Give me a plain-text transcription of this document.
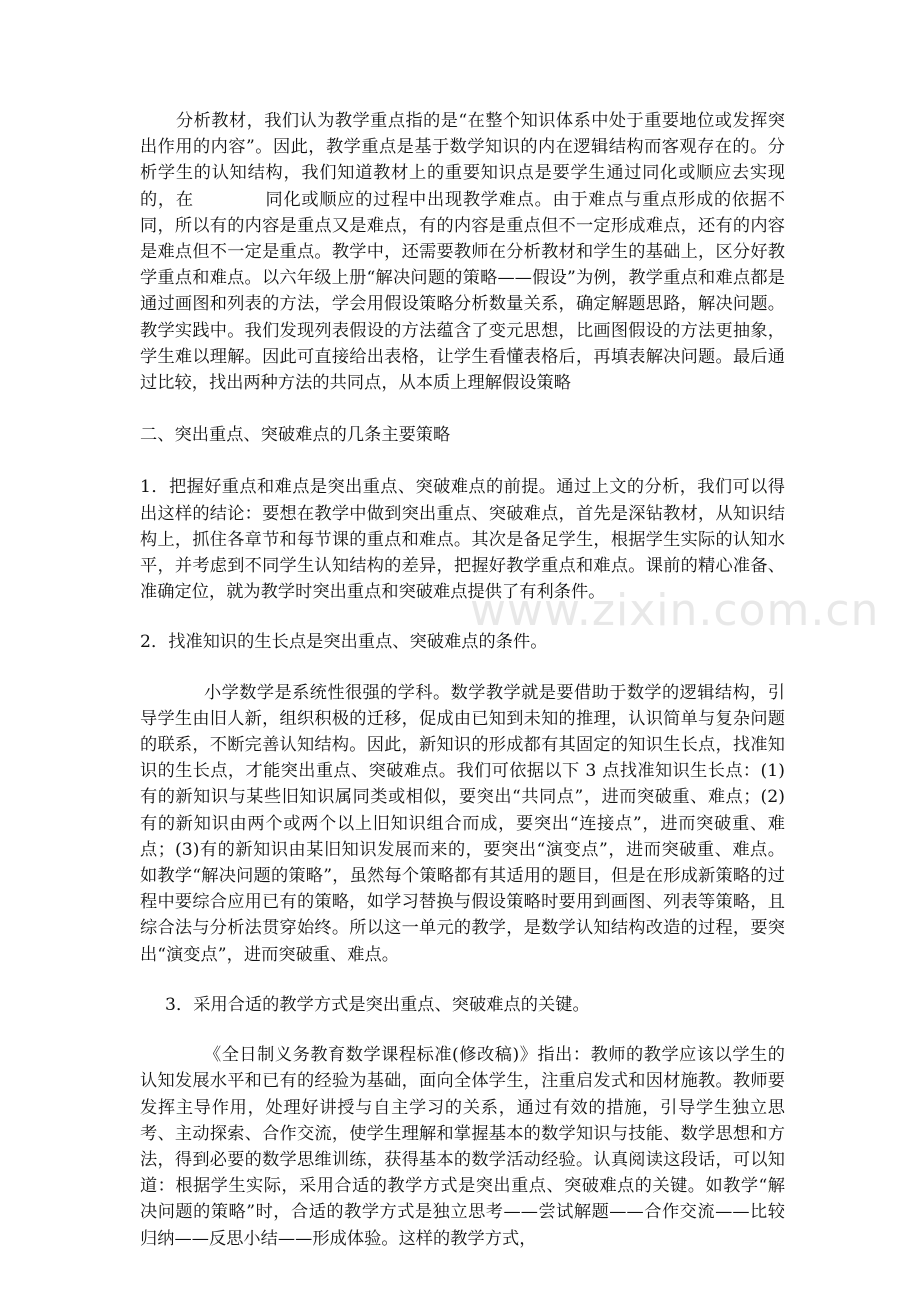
www.zixin.com.cn

分析教材，我们认为教学重点指的是“在整个知识体系中处于重要地位或发挥突出作用的内容”。因此，教学重点是基于数学知识的内在逻辑结构而客观存在的。分析学生的认知结构，我们知道教材上的重要知识点是要学生通过同化或顺应去实现的，在　　　　同化或顺应的过程中出现教学难点。由于难点与重点形成的依据不同，所以有的内容是重点又是难点，有的内容是重点但不一定形成难点，还有的内容是难点但不一定是重点。教学中，还需要教师在分析教材和学生的基础上，区分好教学重点和难点。以六年级上册“解决问题的策略——假设”为例，教学重点和难点都是通过画图和列表的方法，学会用假设策略分析数量关系，确定解题思路，解决问题。教学实践中。我们发现列表假设的方法蕴含了变元思想，比画图假设的方法更抽象，学生难以理解。因此可直接给出表格，让学生看懂表格后，再填表解决问题。最后通过比较，找出两种方法的共同点，从本质上理解假设策略

二、突出重点、突破难点的几条主要策略

1．把握好重点和难点是突出重点、突破难点的前提。通过上文的分析，我们可以得出这样的结论：要想在教学中做到突出重点、突破难点，首先是深钻教材，从知识结构上，抓住各章节和每节课的重点和难点。其次是备足学生，根据学生实际的认知水平，并考虑到不同学生认知结构的差异，把握好教学重点和难点。课前的精心准备、准确定位，就为教学时突出重点和突破难点提供了有利条件。

2．找准知识的生长点是突出重点、突破难点的条件。

小学数学是系统性很强的学科。数学教学就是要借助于数学的逻辑结构，引导学生由旧人新，组织积极的迁移，促成由已知到未知的推理，认识简单与复杂问题的联系，不断完善认知结构。因此，新知识的形成都有其固定的知识生长点，找准知识的生长点，才能突出重点、突破难点。我们可依据以下 3 点找准知识生长点：(1)有的新知识与某些旧知识属同类或相似，要突出“共同点”，进而突破重、难点；(2)有的新知识由两个或两个以上旧知识组合而成，要突出“连接点”，进而突破重、难点；(3)有的新知识由某旧知识发展而来的，要突出“演变点”，进而突破重、难点。如教学“解决问题的策略”，虽然每个策略都有其适用的题目，但是在形成新策略的过程中要综合应用已有的策略，如学习替换与假设策略时要用到画图、列表等策略，且综合法与分析法贯穿始终。所以这一单元的教学，是数学认知结构改造的过程，要突出“演变点”，进而突破重、难点。

3．采用合适的教学方式是突出重点、突破难点的关键。

《全日制义务教育数学课程标准(修改稿)》指出：教师的教学应该以学生的认知发展水平和已有的经验为基础，面向全体学生，注重启发式和因材施教。教师要发挥主导作用，处理好讲授与自主学习的关系，通过有效的措施，引导学生独立思考、主动探索、合作交流，使学生理解和掌握基本的数学知识与技能、数学思想和方法，得到必要的数学思维训练，获得基本的数学活动经验。认真阅读这段话，可以知道：根据学生实际，采用合适的教学方式是突出重点、突破难点的关键。如教学“解决问题的策略”时，合适的教学方式是独立思考——尝试解题——合作交流——比较归纳——反思小结——形成体验。这样的教学方式，
